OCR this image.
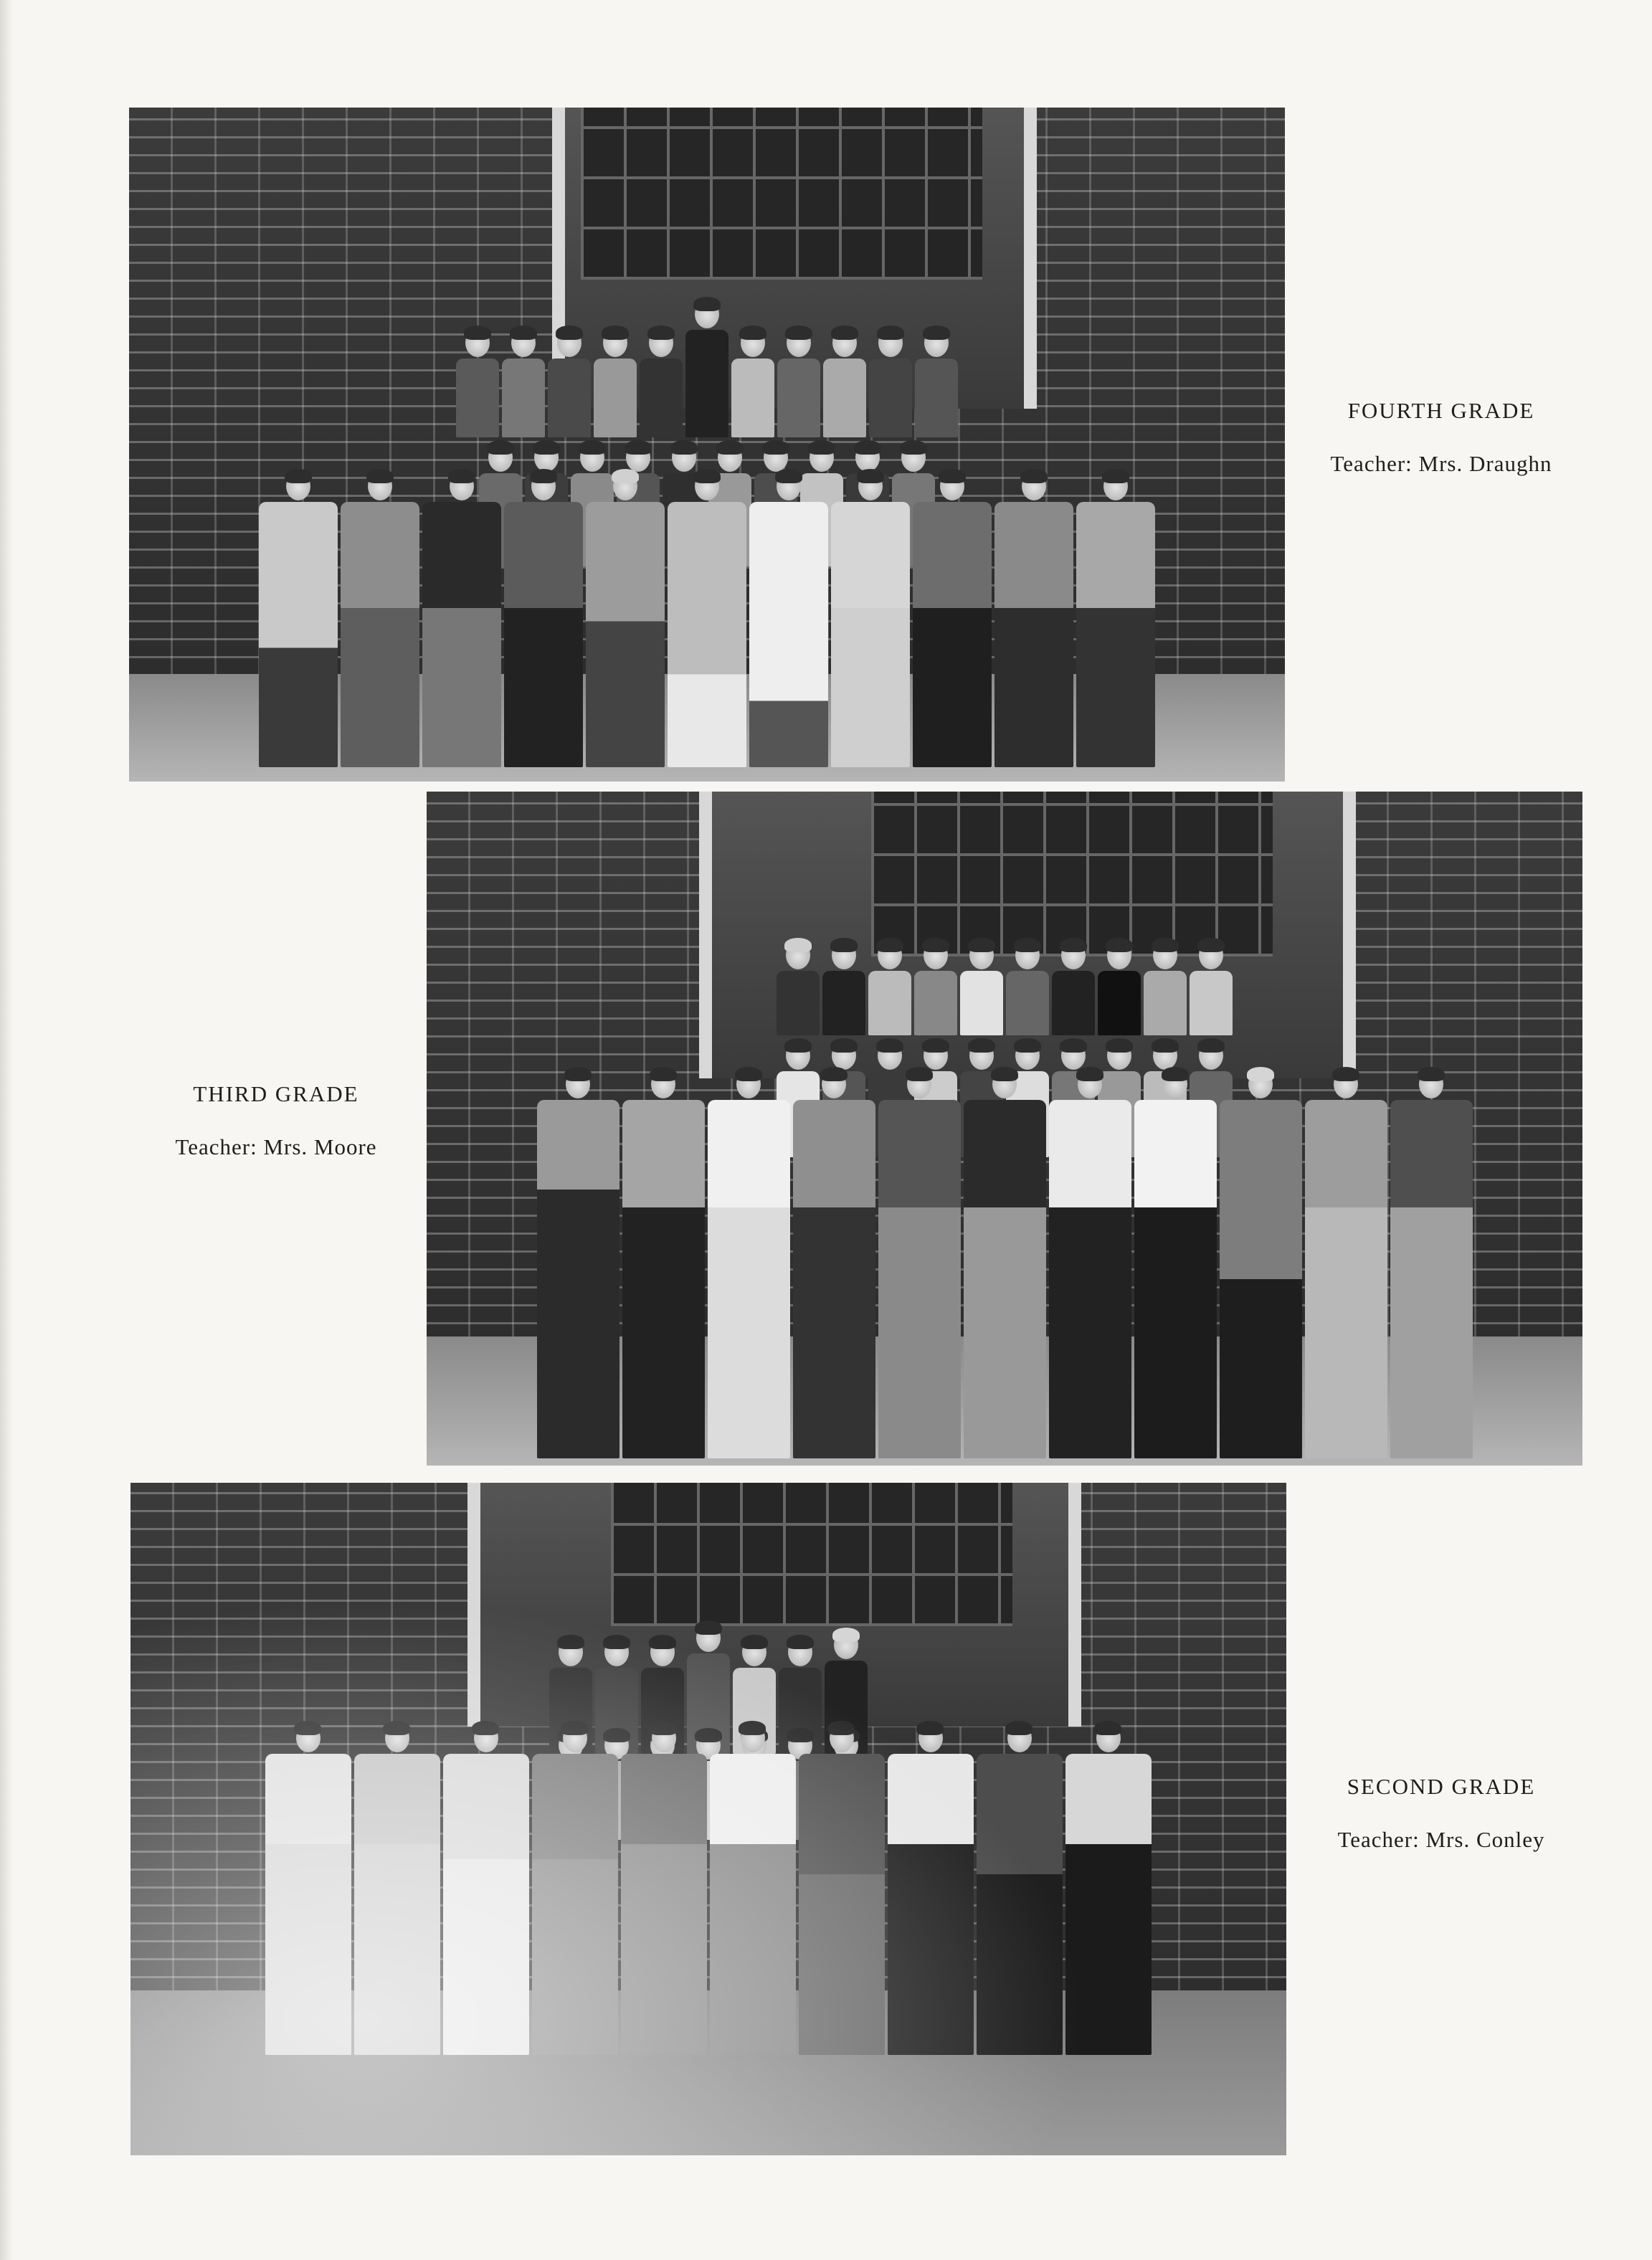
FOURTH GRADE
Teacher: Mrs. Draughn
THIRD GRADE
Teacher: Mrs. Moore
SECOND GRADE
Teacher: Mrs. Conley
